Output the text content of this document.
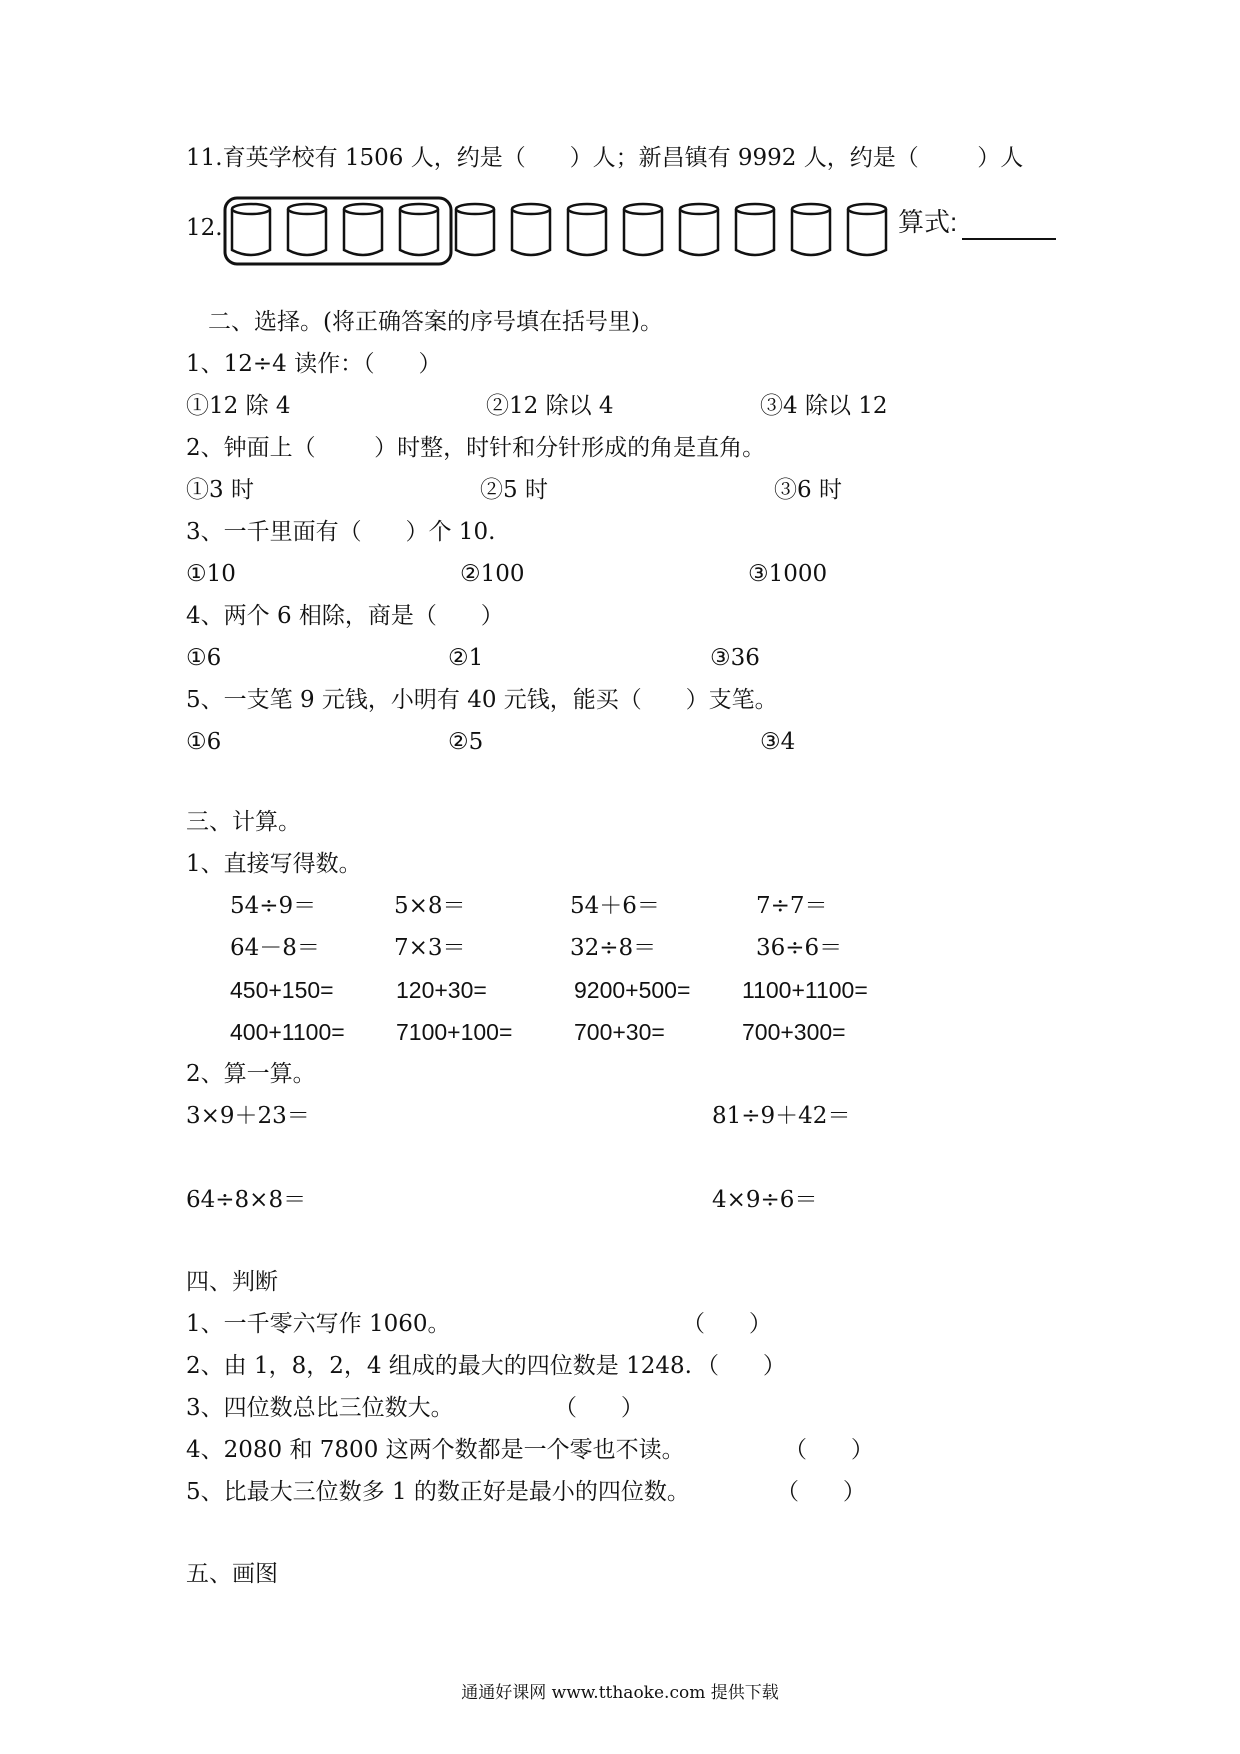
11.育英学校有 1506 人，约是（      ）人；新昌镇有 9992 人，约是（        ）人
12.	算式:
二、选择。(将正确答案的序号填在括号里)。
1、12÷4 读作：（      ）
①12 除 4	②12 除以 4	③4 除以 12
2、钟面上（        ）时整，时针和分针形成的角是直角。
①3 时	②5 时	③6 时
3、一千里面有（      ）个 10.
①10	②100	③1000
4、两个 6 相除，商是（      ）
①6	②1	③36
5、一支笔 9 元钱，小明有 40 元钱，能买（      ）支笔。
①6	②5	③4
三、计算。
1、直接写得数。
54÷9＝	5×8＝	54＋6＝	7÷7＝
64－8＝	7×3＝	32÷8＝	36÷6＝
450+150=	120+30=	9200+500= 1100+1100=
400+1100= 7100+100=	700+30=	700+300=
2、算一算。
3×9＋23＝	81÷9＋42＝
64÷8×8＝	4×9÷6＝
四、判断
1、一千零六写作 1060。	（      ）
2、由 1，8，2，4 组成的最大的四位数是 1248. （      ）
3、四位数总比三位数大。	（      ）
4、2080 和 7800 这两个数都是一个零也不读。	（      ）
5、比最大三位数多 1 的数正好是最小的四位数。	（      ）
五、画图
通通好课网 www.tthaoke.com 提供下载
